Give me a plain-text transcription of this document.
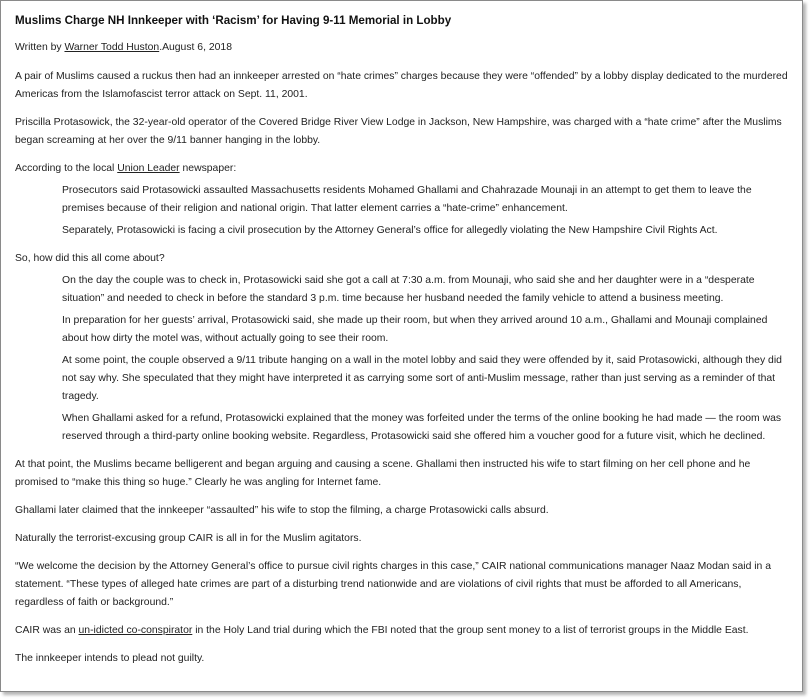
Muslims Charge NH Innkeeper with ‘Racism’ for Having 9-11 Memorial in Lobby

Written by Warner Todd Huston.August 6, 2018

A pair of Muslims caused a ruckus then had an innkeeper arrested on “hate crimes” charges because they were “offended” by a lobby display dedicated to the murdered Americas from the Islamofascist terror attack on Sept. 11, 2001.

Priscilla Protasowick, the 32-year-old operator of the Covered Bridge River View Lodge in Jackson, New Hampshire, was charged with a “hate crime” after the Muslims began screaming at her over the 9/11 banner hanging in the lobby.

According to the local Union Leader newspaper:

Prosecutors said Protasowicki assaulted Massachusetts residents Mohamed Ghallami and Chahrazade Mounaji in an attempt to get them to leave the premises because of their religion and national origin. That latter element carries a “hate-crime” enhancement.

Separately, Protasowicki is facing a civil prosecution by the Attorney General’s office for allegedly violating the New Hampshire Civil Rights Act.

So, how did this all come about?

On the day the couple was to check in, Protasowicki said she got a call at 7:30 a.m. from Mounaji, who said she and her daughter were in a “desperate situation” and needed to check in before the standard 3 p.m. time because her husband needed the family vehicle to attend a business meeting.

In preparation for her guests’ arrival, Protasowicki said, she made up their room, but when they arrived around 10 a.m., Ghallami and Mounaji complained about how dirty the motel was, without actually going to see their room.

At some point, the couple observed a 9/11 tribute hanging on a wall in the motel lobby and said they were offended by it, said Protasowicki, although they did not say why. She speculated that they might have interpreted it as carrying some sort of anti-Muslim message, rather than just serving as a reminder of that tragedy.

When Ghallami asked for a refund, Protasowicki explained that the money was forfeited under the terms of the online booking he had made — the room was reserved through a third-party online booking website. Regardless, Protasowicki said she offered him a voucher good for a future visit, which he declined.

At that point, the Muslims became belligerent and began arguing and causing a scene. Ghallami then instructed his wife to start filming on her cell phone and he promised to “make this thing so huge.” Clearly he was angling for Internet fame.

Ghallami later claimed that the innkeeper “assaulted” his wife to stop the filming, a charge Protasowicki calls absurd.

Naturally the terrorist-excusing group CAIR is all in for the Muslim agitators.

“We welcome the decision by the Attorney General’s office to pursue civil rights charges in this case,” CAIR national communications manager Naaz Modan said in a statement. “These types of alleged hate crimes are part of a disturbing trend nationwide and are violations of civil rights that must be afforded to all Americans, regardless of faith or background.”

CAIR was an un-idicted co-conspirator in the Holy Land trial during which the FBI noted that the group sent money to a list of terrorist groups in the Middle East.

The innkeeper intends to plead not guilty.
